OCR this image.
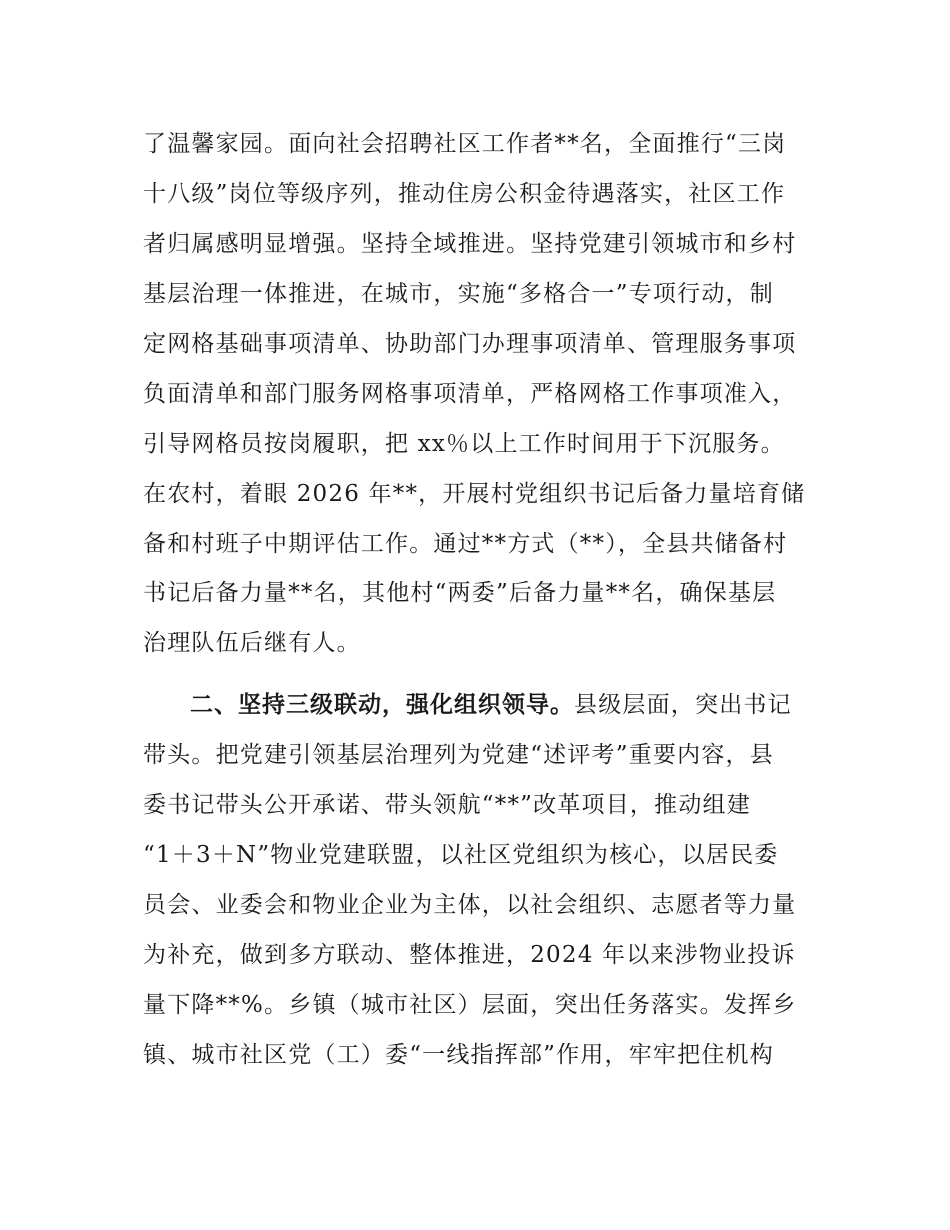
了温馨家园。面向社会招聘社区工作者**名，全面推行“三岗
十八级”岗位等级序列，推动住房公积金待遇落实，社区工作
者归属感明显增强。坚持全域推进。坚持党建引领城市和乡村
基层治理一体推进，在城市，实施“多格合一”专项行动，制
定网格基础事项清单、协助部门办理事项清单、管理服务事项
负面清单和部门服务网格事项清单，严格网格工作事项准入，
引导网格员按岗履职，把 xx％以上工作时间用于下沉服务。
在农村，着眼 2026 年**，开展村党组织书记后备力量培育储
备和村班子中期评估工作。通过**方式（**），全县共储备村
书记后备力量**名，其他村“两委”后备力量**名，确保基层
治理队伍后继有人。
二、坚持三级联动，强化组织领导。县级层面，突出书记
带头。把党建引领基层治理列为党建“述评考”重要内容，县
委书记带头公开承诺、带头领航“**”改革项目，推动组建
“1＋3＋N”物业党建联盟，以社区党组织为核心，以居民委
员会、业委会和物业企业为主体，以社会组织、志愿者等力量
为补充，做到多方联动、整体推进，2024 年以来涉物业投诉
量下降**%。乡镇（城市社区）层面，突出任务落实。发挥乡
镇、城市社区党（工）委“一线指挥部”作用，牢牢把住机构
